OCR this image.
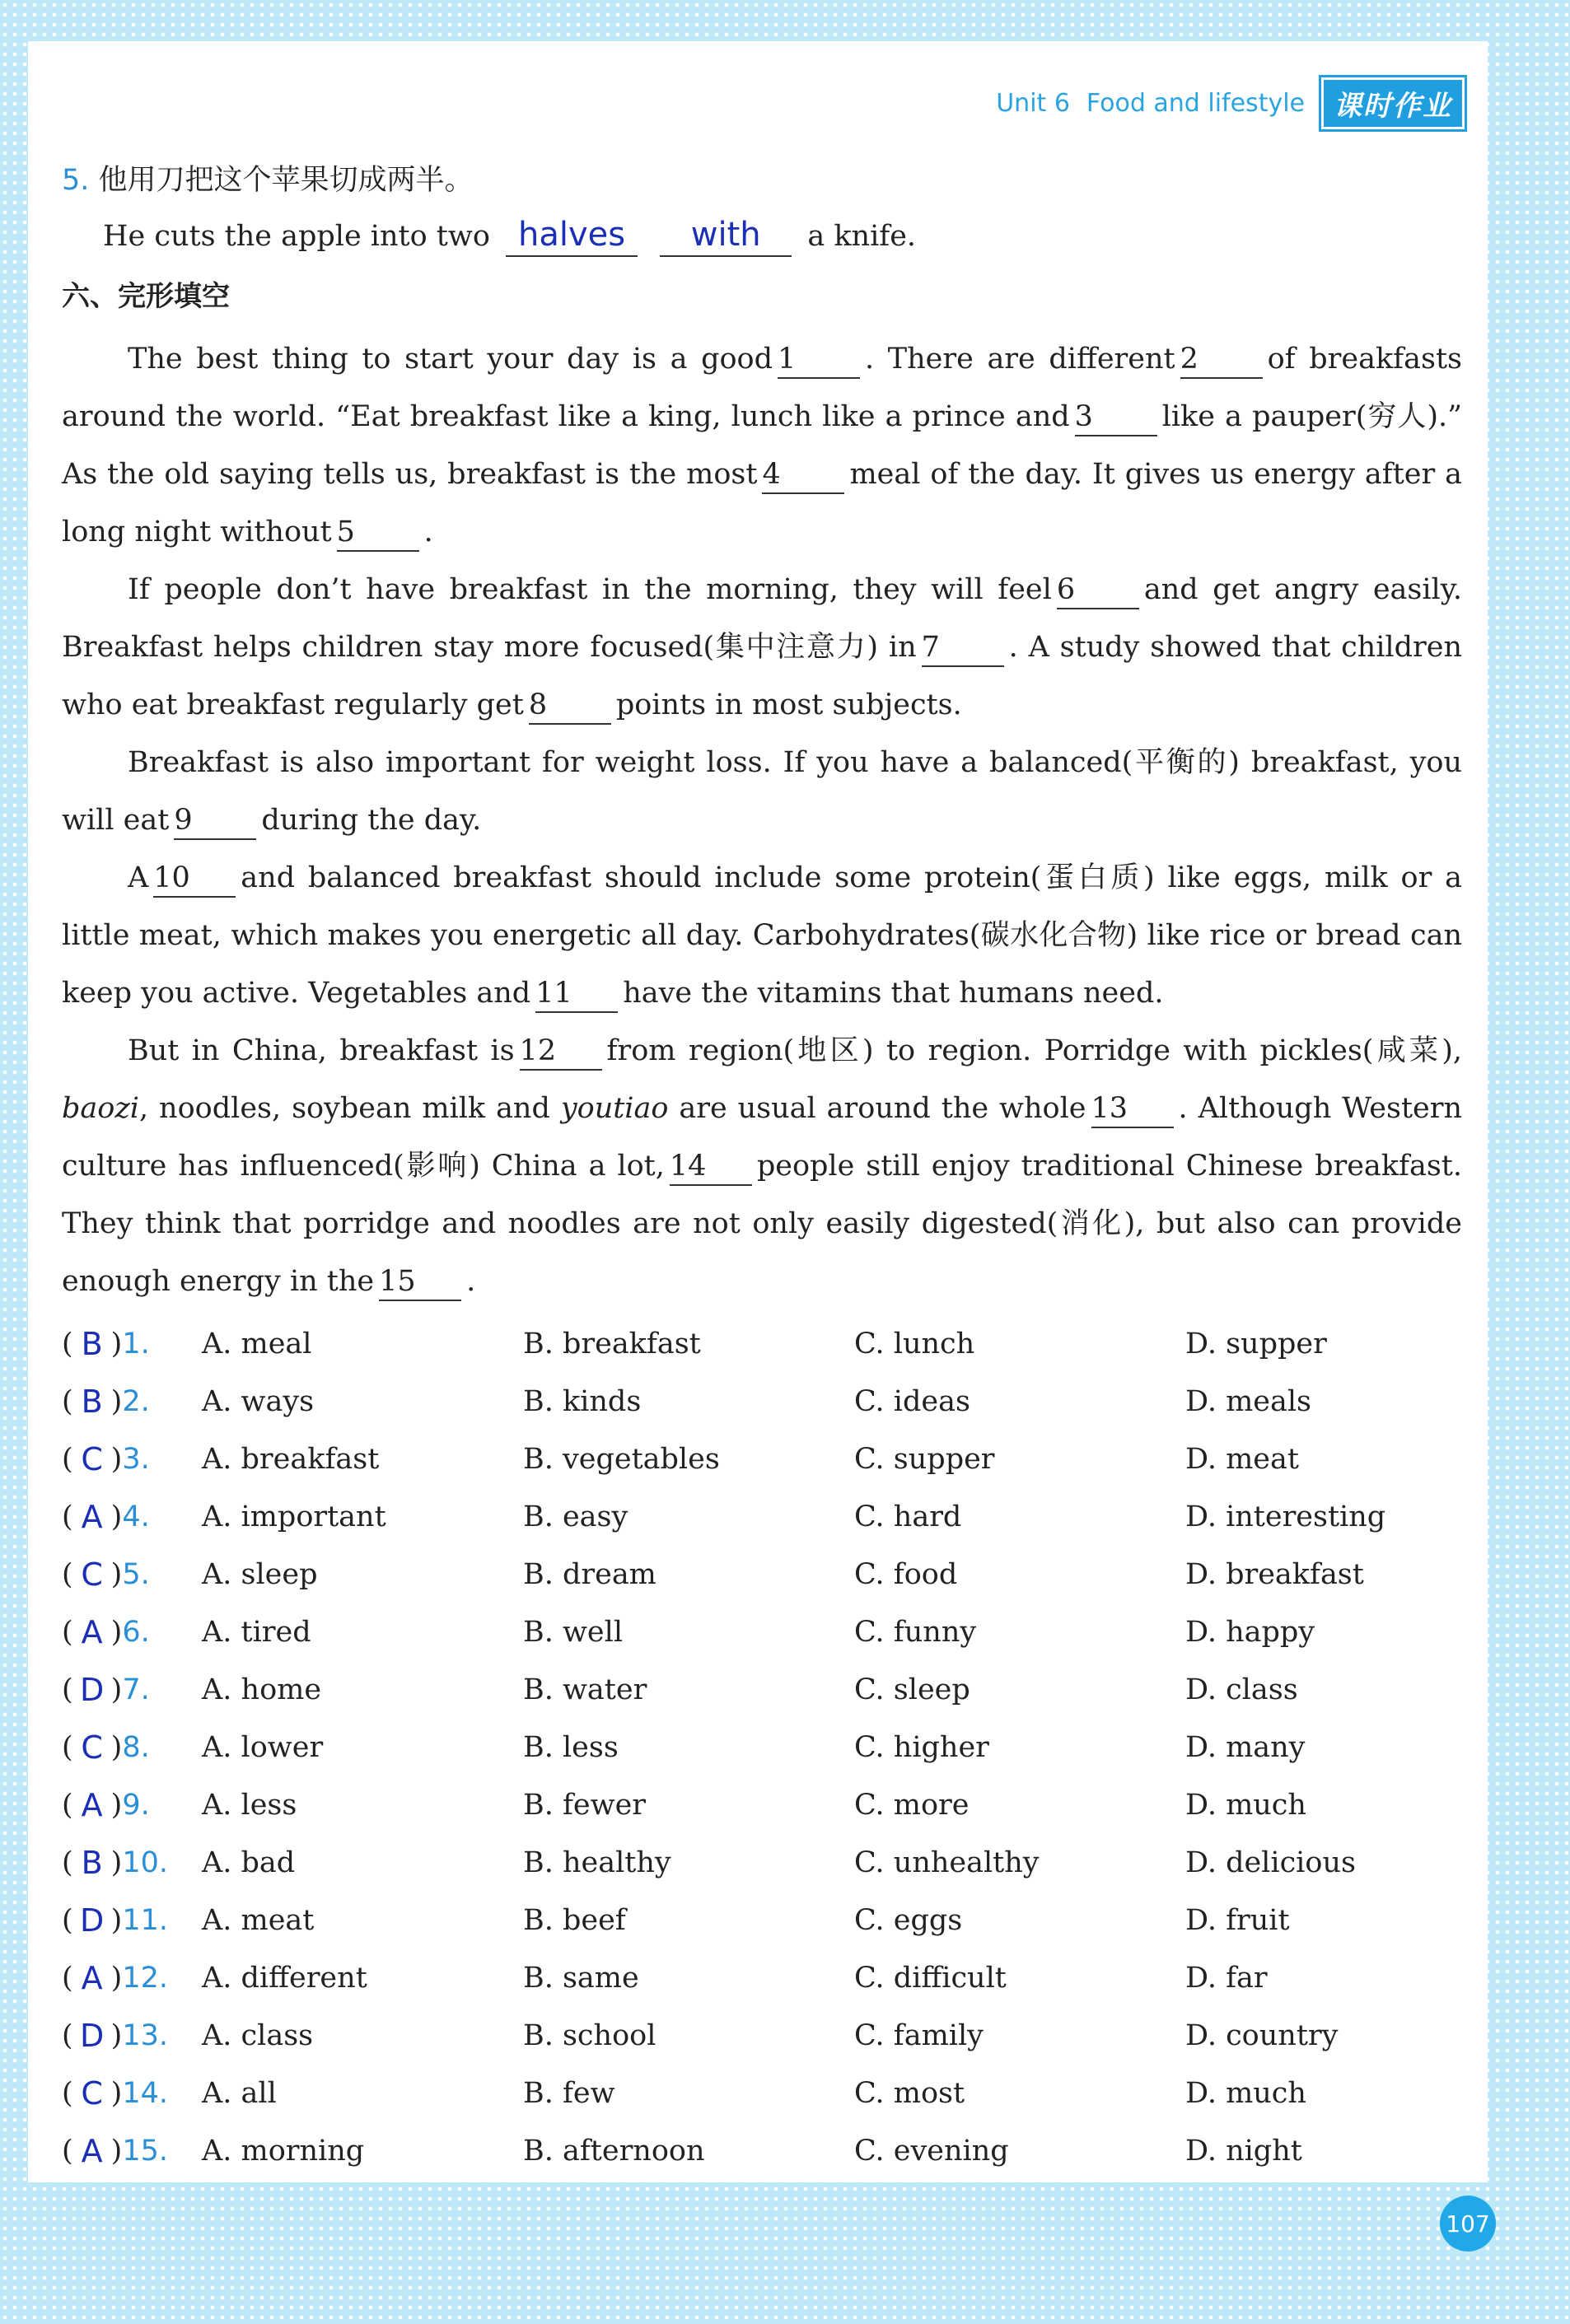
Unit 6 Food and lifestyle	课时作业
5. 他用刀把这个苹果切成两半。
He cuts the apple into two halves with a knife.
六、完形填空

The best thing to start your day is a good 1 . There are different 2 of breakfasts around the world. “Eat breakfast like a king, lunch like a prince and 3 like a pauper(穷人).” As the old saying tells us, breakfast is the most 4 meal of the day. It gives us energy after a long night without 5 .

If people don’t have breakfast in the morning, they will feel 6 and get angry easily. Breakfast helps children stay more focused(集中注意力) in 7 . A study showed that children who eat breakfast regularly get 8 points in most subjects.

Breakfast is also important for weight loss. If you have a balanced(平衡的) breakfast, you will eat 9 during the day.

A 10 and balanced breakfast should include some protein(蛋白质) like eggs, milk or a little meat, which makes you energetic all day. Carbohydrates(碳水化合物) like rice or bread can keep you active. Vegetables and 11 have the vitamins that humans need.

But in China, breakfast is 12 from region(地区) to region. Porridge with pickles(咸菜), baozi, noodles, soybean milk and youtiao are usual around the whole 13 . Although Western culture has influenced(影响) China a lot, 14 people still enjoy traditional Chinese breakfast. They think that porridge and noodles are not only easily digested(消化), but also can provide enough energy in the 15 .

( B ) 1. A. meal	B. breakfast	C. lunch	D. supper
( B ) 2. A. ways	B. kinds	C. ideas	D. meals
( C ) 3. A. breakfast	B. vegetables	C. supper	D. meat
( A ) 4. A. important	B. easy	C. hard	D. interesting
( C ) 5. A. sleep	B. dream	C. food	D. breakfast
( A ) 6. A. tired	B. well	C. funny	D. happy
( D ) 7. A. home	B. water	C. sleep	D. class
( C ) 8. A. lower	B. less	C. higher	D. many
( A ) 9. A. less	B. fewer	C. more	D. much
( B ) 10. A. bad	B. healthy	C. unhealthy	D. delicious
( D ) 11. A. meat	B. beef	C. eggs	D. fruit
( A ) 12. A. different	B. same	C. difficult	D. far
( D ) 13. A. class	B. school	C. family	D. country
( C ) 14. A. all	B. few	C. most	D. much
( A ) 15. A. morning	B. afternoon	C. evening	D. night
107
